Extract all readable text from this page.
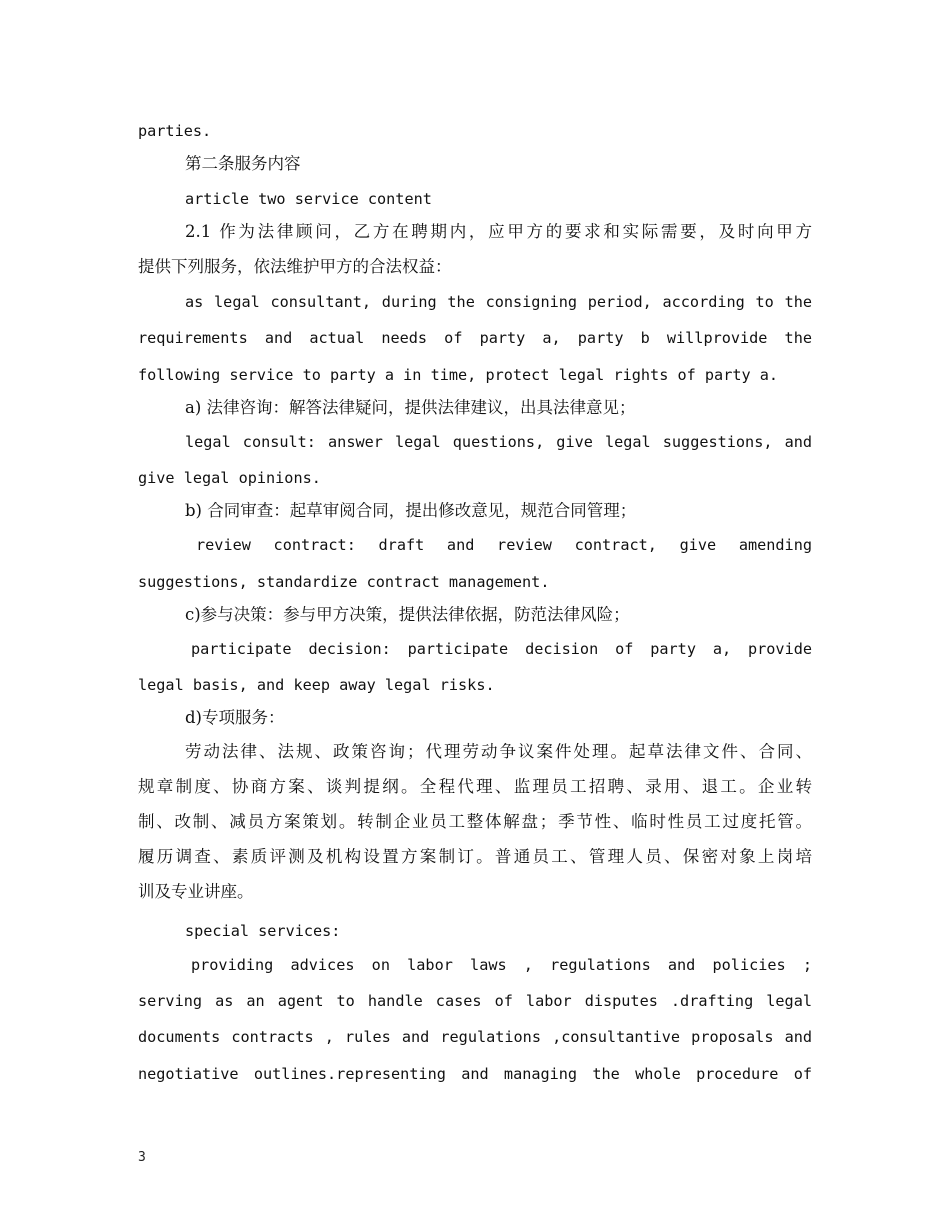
parties.
第二条服务内容
article two service content
2.1 作为法律顾问，乙方在聘期内，应甲方的要求和实际需要，及时向甲方
提供下列服务，依法维护甲方的合法权益：
as legal consultant, during the consigning period, according to the
requirements and actual needs of party a, party b willprovide the
following service to party a in time, protect legal rights of party a.
a) 法律咨询：解答法律疑问，提供法律建议，出具法律意见；
legal consult: answer legal questions, give legal suggestions, and
give legal opinions.
b) 合同审查：起草审阅合同，提出修改意见，规范合同管理；
review contract: draft and review contract, give amending
suggestions, standardize contract management.
c)参与决策：参与甲方决策，提供法律依据，防范法律风险；
participate decision: participate decision of party a, provide
legal basis, and keep away legal risks.
d)专项服务：
劳动法律、法规、政策咨询；代理劳动争议案件处理。起草法律文件、合同、
规章制度、协商方案、谈判提纲。全程代理、监理员工招聘、录用、退工。企业转
制、改制、减员方案策划。转制企业员工整体解盘；季节性、临时性员工过度托管。
履历调查、素质评测及机构设置方案制订。普通员工、管理人员、保密对象上岗培
训及专业讲座。
special services:
providing advices on labor laws , regulations and policies ;
serving as an agent to handle cases of labor disputes .drafting legal
documents contracts , rules and regulations ,consultantive proposals and
negotiative outlines.representing and managing the whole procedure of
3
